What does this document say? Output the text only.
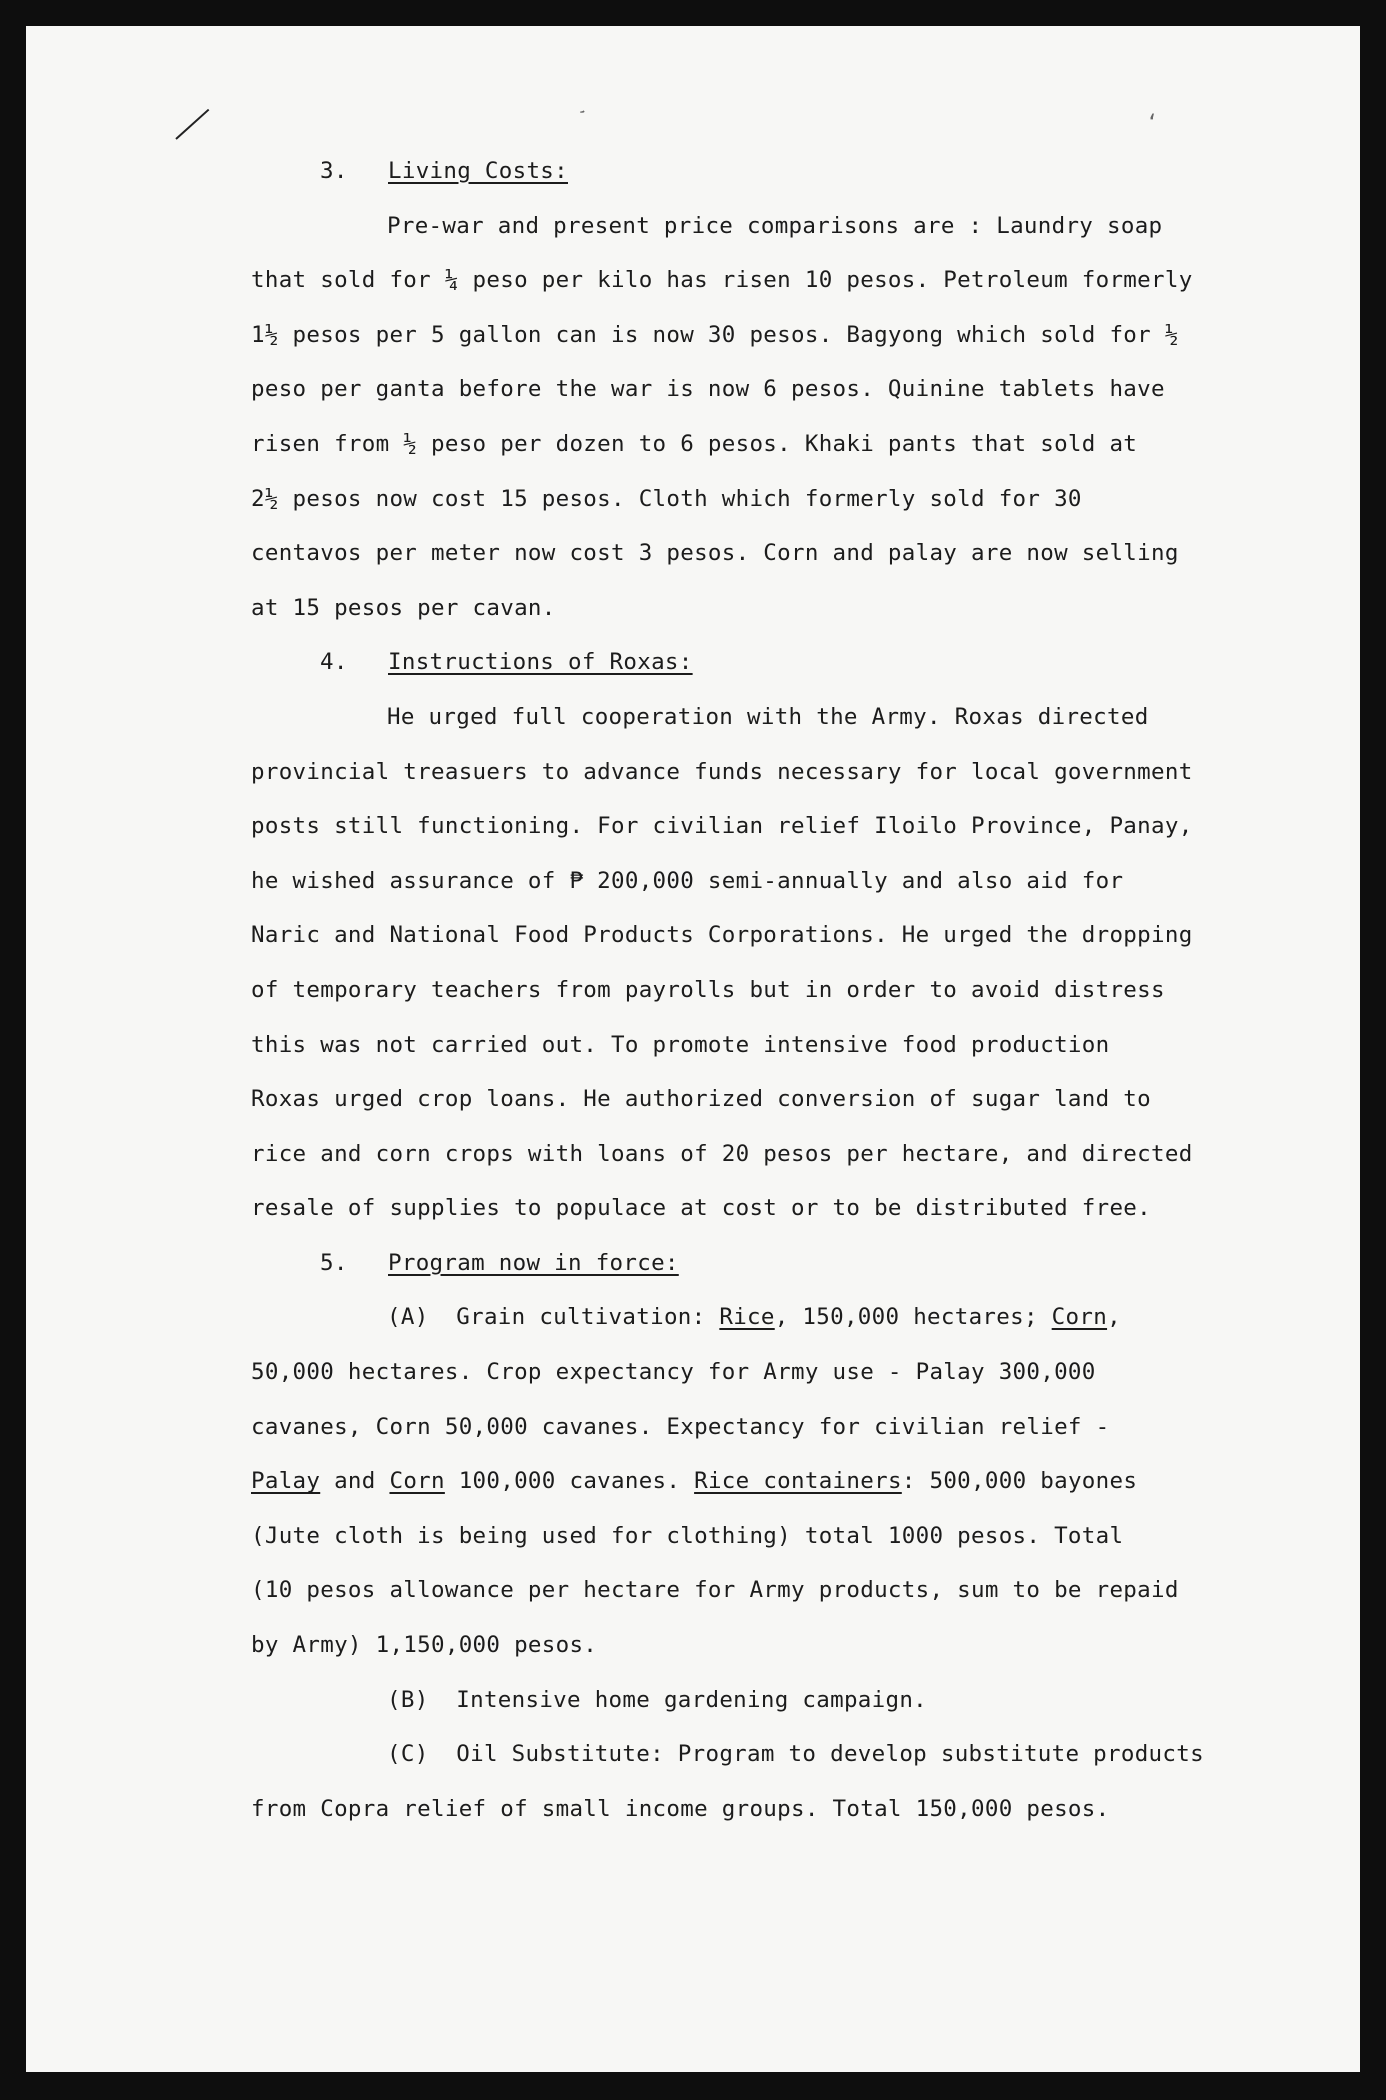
’	‘

3. Living Costs:

Pre-war and present price comparisons are : Laundry soap
that sold for ¼ peso per kilo has risen 10 pesos. Petroleum formerly
1½ pesos per 5 gallon can is now 30 pesos. Bagyong which sold for ½
peso per ganta before the war is now 6 pesos. Quinine tablets have
risen from ½ peso per dozen to 6 pesos. Khaki pants that sold at
2½ pesos now cost 15 pesos. Cloth which formerly sold for 30
centavos per meter now cost 3 pesos. Corn and palay are now selling
at 15 pesos per cavan.

4. Instructions of Roxas:

He urged full cooperation with the Army. Roxas directed
provincial treasuers to advance funds necessary for local government
posts still functioning. For civilian relief Iloilo Province, Panay,
he wished assurance of ₱ 200,000 semi-annually and also aid for
Naric and National Food Products Corporations. He urged the dropping
of temporary teachers from payrolls but in order to avoid distress
this was not carried out. To promote intensive food production
Roxas urged crop loans. He authorized conversion of sugar land to
rice and corn crops with loans of 20 pesos per hectare, and directed
resale of supplies to populace at cost or to be distributed free.

5. Program now in force:

(A) Grain cultivation: Rice, 150,000 hectares; Corn,
50,000 hectares. Crop expectancy for Army use - Palay 300,000
cavanes, Corn 50,000 cavanes. Expectancy for civilian relief -
Palay and Corn 100,000 cavanes. Rice containers: 500,000 bayones
(Jute cloth is being used for clothing) total 1000 pesos. Total
(10 pesos allowance per hectare for Army products, sum to be repaid
by Army) 1,150,000 pesos.

(B) Intensive home gardening campaign.

(C) Oil Substitute: Program to develop substitute products
from Copra relief of small income groups. Total 150,000 pesos.
